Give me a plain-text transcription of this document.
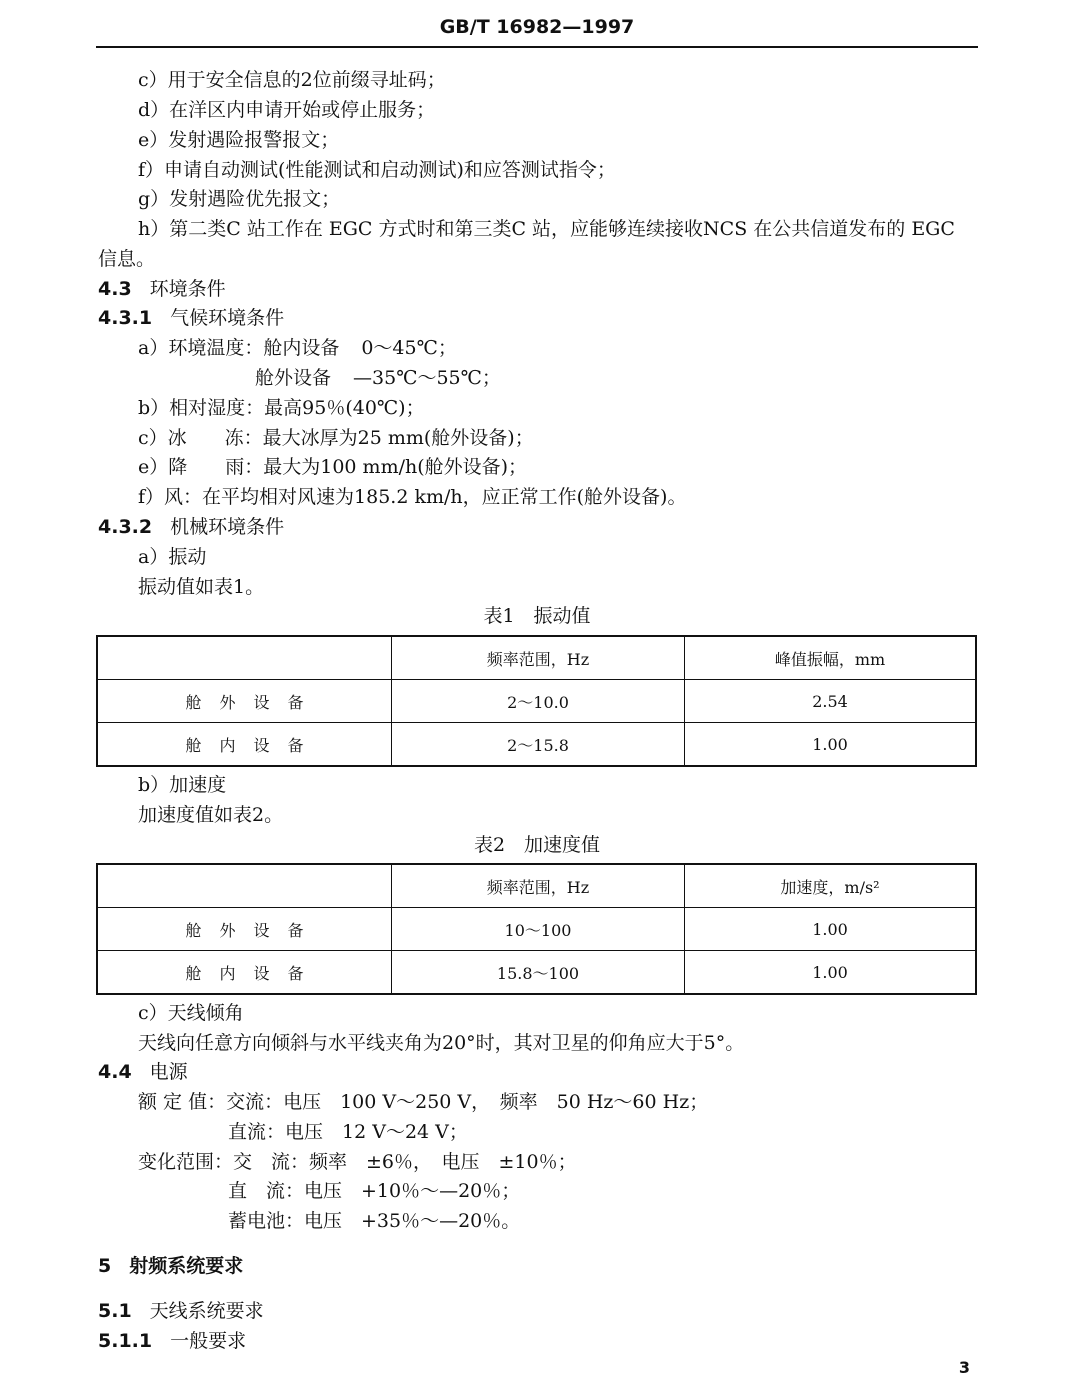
GB/T 16982—1997
c）用于安全信息的2位前缀寻址码；
d）在洋区内申请开始或停止服务；
e）发射遇险报警报文；
f）申请自动测试(性能测试和启动测试)和应答测试指令；
g）发射遇险优先报文；
h）第二类C 站工作在 EGC 方式时和第三类C 站，应能够连续接收NCS 在公共信道发布的 EGC
信息。
4.3 环境条件
4.3.1 气候环境条件
a）环境温度：舱内设备 0～45℃；
舱外设备 —35℃～55℃；
b）相对湿度：最高95％(40℃)；
c）冰　　冻：最大冰厚为25 mm(舱外设备)；
e）降　　雨：最大为100 mm/h(舱外设备)；
f）风：在平均相对风速为185.2 km/h，应正常工作(舱外设备)。
4.3.2 机械环境条件
a）振动
振动值如表1。
表1　振动值
	频率范围，Hz	峰值振幅，mm
舱外设备	2～10.0	2.54
舱内设备	2～15.8	1.00
b）加速度
加速度值如表2。
表2　加速度值
	频率范围，Hz	加速度，m/s²
舱外设备	10～100	1.00
舱内设备	15.8～100	1.00
c）天线倾角
天线向任意方向倾斜与水平线夹角为20°时，其对卫星的仰角应大于5°。
4.4 电源
额 定 值：交流：电压　100 V～250 V，　频率　50 Hz～60 Hz；
直流：电压　12 V～24 V；
变化范围：交　流：频率　±6％，　电压　±10％；
直　流：电压　+10％～—20％；
蓄电池：电压　+35％～—20％。
5 射频系统要求
5.1 天线系统要求
5.1.1 一般要求
3
